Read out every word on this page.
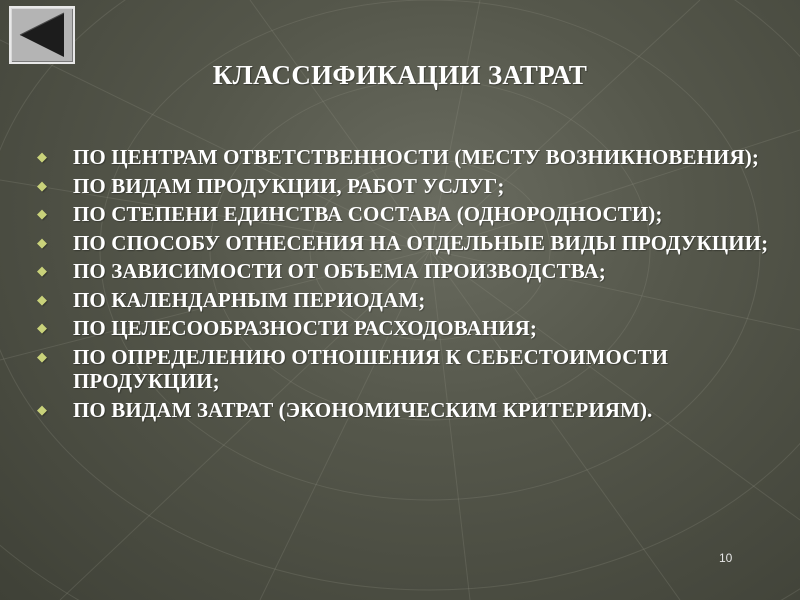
КЛАССИФИКАЦИИ ЗАТРАТ
◆ ПО ЦЕНТРАМ ОТВЕТСТВЕННОСТИ (МЕСТУ ВОЗНИКНОВЕНИЯ);
◆ ПО ВИДАМ ПРОДУКЦИИ, РАБОТ УСЛУГ;
◆ ПО СТЕПЕНИ ЕДИНСТВА СОСТАВА (ОДНОРОДНОСТИ);
◆ ПО СПОСОБУ ОТНЕСЕНИЯ НА ОТДЕЛЬНЫЕ ВИДЫ ПРОДУКЦИИ;
◆ ПО ЗАВИСИМОСТИ ОТ ОБЪЕМА ПРОИЗВОДСТВА;
◆ ПО КАЛЕНДАРНЫМ ПЕРИОДАМ;
◆ ПО ЦЕЛЕСООБРАЗНОСТИ РАСХОДОВАНИЯ;
◆ ПО ОПРЕДЕЛЕНИЮ ОТНОШЕНИЯ К СЕБЕСТОИМОСТИ ПРОДУКЦИИ;
◆ ПО ВИДАМ ЗАТРАТ (ЭКОНОМИЧЕСКИМ КРИТЕРИЯМ).
10
